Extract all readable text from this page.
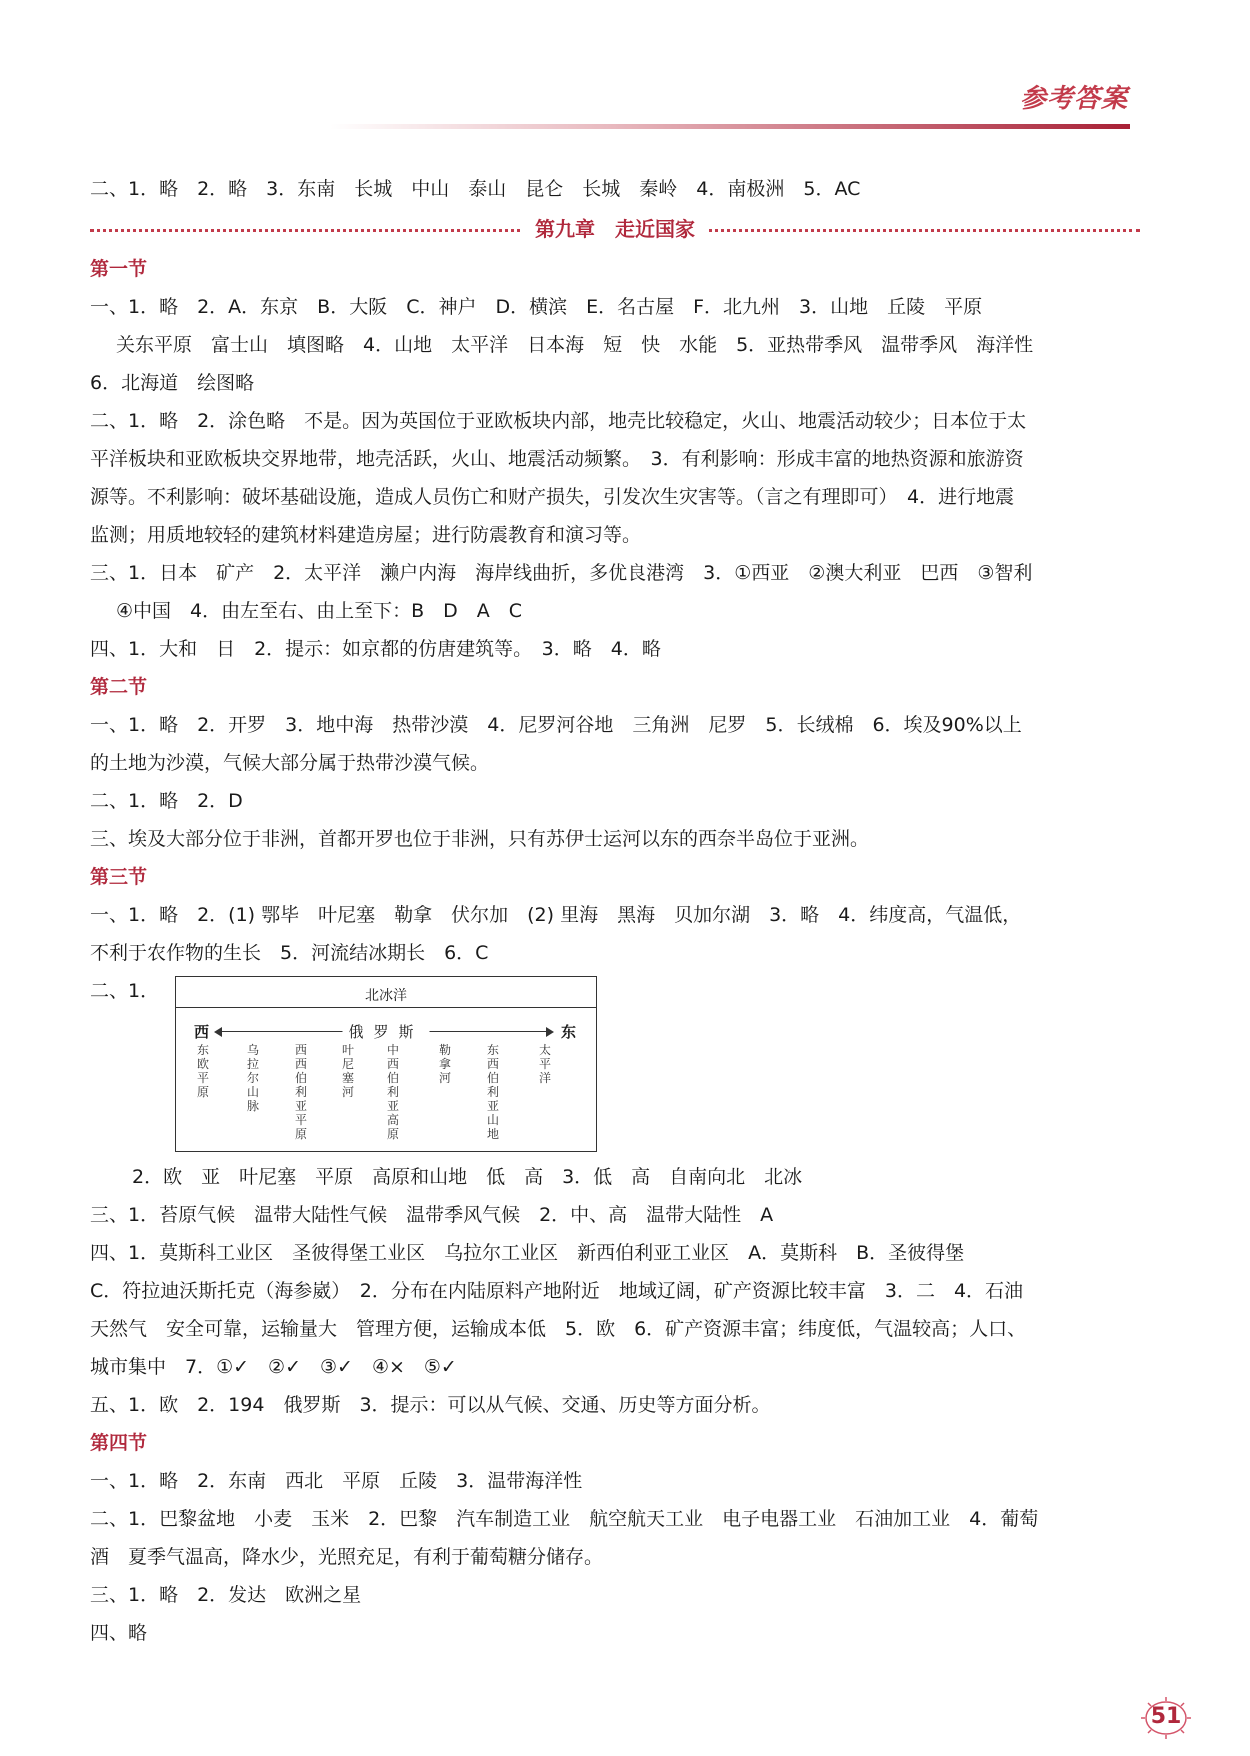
参考答案
二、1．略　2．略　3．东南　长城　中山　泰山　昆仑　长城　秦岭　4．南极洲　5．AC
第九章　走近国家
第一节
一、1．略　2．A．东京　B．大阪　C．神户　D．横滨　E．名古屋　F．北九州　3．山地　丘陵　平原
关东平原　富士山　填图略　4．山地　太平洋　日本海　短　快　水能　5．亚热带季风　温带季风　海洋性
6．北海道　绘图略
二、1．略　2．涂色略　不是。因为英国位于亚欧板块内部，地壳比较稳定，火山、地震活动较少；日本位于太
平洋板块和亚欧板块交界地带，地壳活跃，火山、地震活动频繁。　3．有利影响：形成丰富的地热资源和旅游资
源等。不利影响：破坏基础设施，造成人员伤亡和财产损失，引发次生灾害等。（言之有理即可）　4．进行地震
监测；用质地较轻的建筑材料建造房屋；进行防震教育和演习等。
三、1．日本　矿产　2．太平洋　濑户内海　海岸线曲折，多优良港湾　3．①西亚　②澳大利亚　巴西　③智利
④中国　4．由左至右、由上至下：B　D　A　C
四、1．大和　日　2．提示：如京都的仿唐建筑等。　3．略　4．略
第二节
一、1．略　2．开罗　3．地中海　热带沙漠　4．尼罗河谷地　三角洲　尼罗　5．长绒棉　6．埃及90%以上
的土地为沙漠，气候大部分属于热带沙漠气候。
二、1．略　2．D
三、埃及大部分位于非洲，首都开罗也位于非洲，只有苏伊士运河以东的西奈半岛位于亚洲。
第三节
一、1．略　2．(1) 鄂毕　叶尼塞　勒拿　伏尔加　(2) 里海　黑海　贝加尔湖　3．略　4．纬度高，气温低，
不利于农作物的生长　5．河流结冰期长　6．C
二、1．	北冰洋
西	俄罗斯	东
东欧平原
乌拉尔山脉
西西伯利亚平原
叶尼塞河
中西伯利亚高原
勒拿河
东西伯利亚山地
太平洋
2．欧　亚　叶尼塞　平原　高原和山地　低　高　3．低　高　自南向北　北冰
三、1．苔原气候　温带大陆性气候　温带季风气候　2．中、高　温带大陆性　A
四、1．莫斯科工业区　圣彼得堡工业区　乌拉尔工业区　新西伯利亚工业区　A．莫斯科　B．圣彼得堡
C．符拉迪沃斯托克（海参崴）　2．分布在内陆原料产地附近　地域辽阔，矿产资源比较丰富　3．二　4．石油
天然气　安全可靠，运输量大　管理方便，运输成本低　5．欧　6．矿产资源丰富；纬度低，气温较高；人口、
城市集中　7．①✓　②✓　③✓　④×　⑤✓
五、1．欧　2．194　俄罗斯　3．提示：可以从气候、交通、历史等方面分析。
第四节
一、1．略　2．东南　西北　平原　丘陵　3．温带海洋性
二、1．巴黎盆地　小麦　玉米　2．巴黎　汽车制造工业　航空航天工业　电子电器工业　石油加工业　4．葡萄
酒　夏季气温高，降水少，光照充足，有利于葡萄糖分储存。
三、1．略　2．发达　欧洲之星
四、略
51
